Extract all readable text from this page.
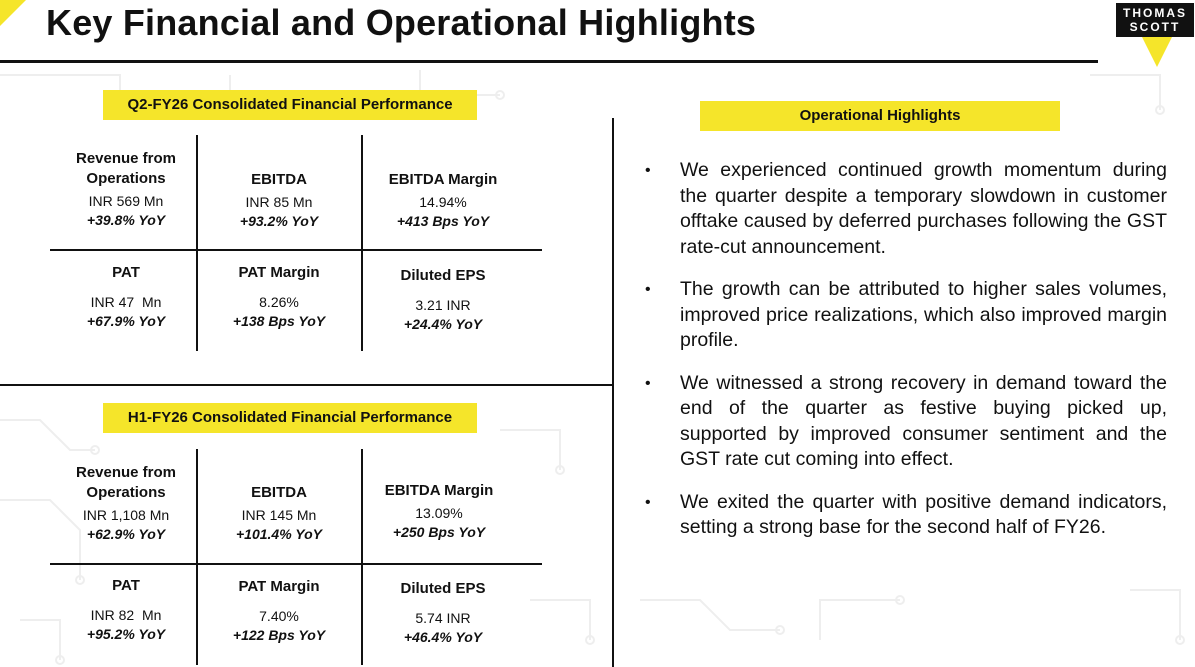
Key Financial and Operational Highlights	THOMAS
SCOTT
Q2-FY26 Consolidated Financial Performance
Revenue from Operations
INR 569 Mn
+39.8% YoY
EBITDA
INR 85 Mn
+93.2% YoY
EBITDA Margin
14.94%
+413 Bps YoY
PAT
INR 47  Mn
+67.9% YoY
PAT Margin
8.26%
+138 Bps YoY
Diluted EPS
3.21 INR
+24.4% YoY
H1-FY26 Consolidated Financial Performance
Revenue from Operations
INR 1,108 Mn
+62.9% YoY
EBITDA
INR 145 Mn
+101.4% YoY
EBITDA Margin
13.09%
+250 Bps YoY
PAT
INR 82  Mn
+95.2% YoY
PAT Margin
7.40%
+122 Bps YoY
Diluted EPS
5.74 INR
+46.4% YoY
Operational Highlights
• We experienced continued growth momentum during the quarter despite a temporary slowdown in customer offtake caused by deferred purchases following the GST rate-cut announcement.
• The growth can be attributed to higher sales volumes, improved price realizations, which also improved margin profile.
• We witnessed a strong recovery in demand toward the end of the quarter as festive buying picked up, supported by improved consumer sentiment and the GST rate cut coming into effect.
• We exited the quarter with positive demand indicators, setting a strong base for the second half of FY26.
